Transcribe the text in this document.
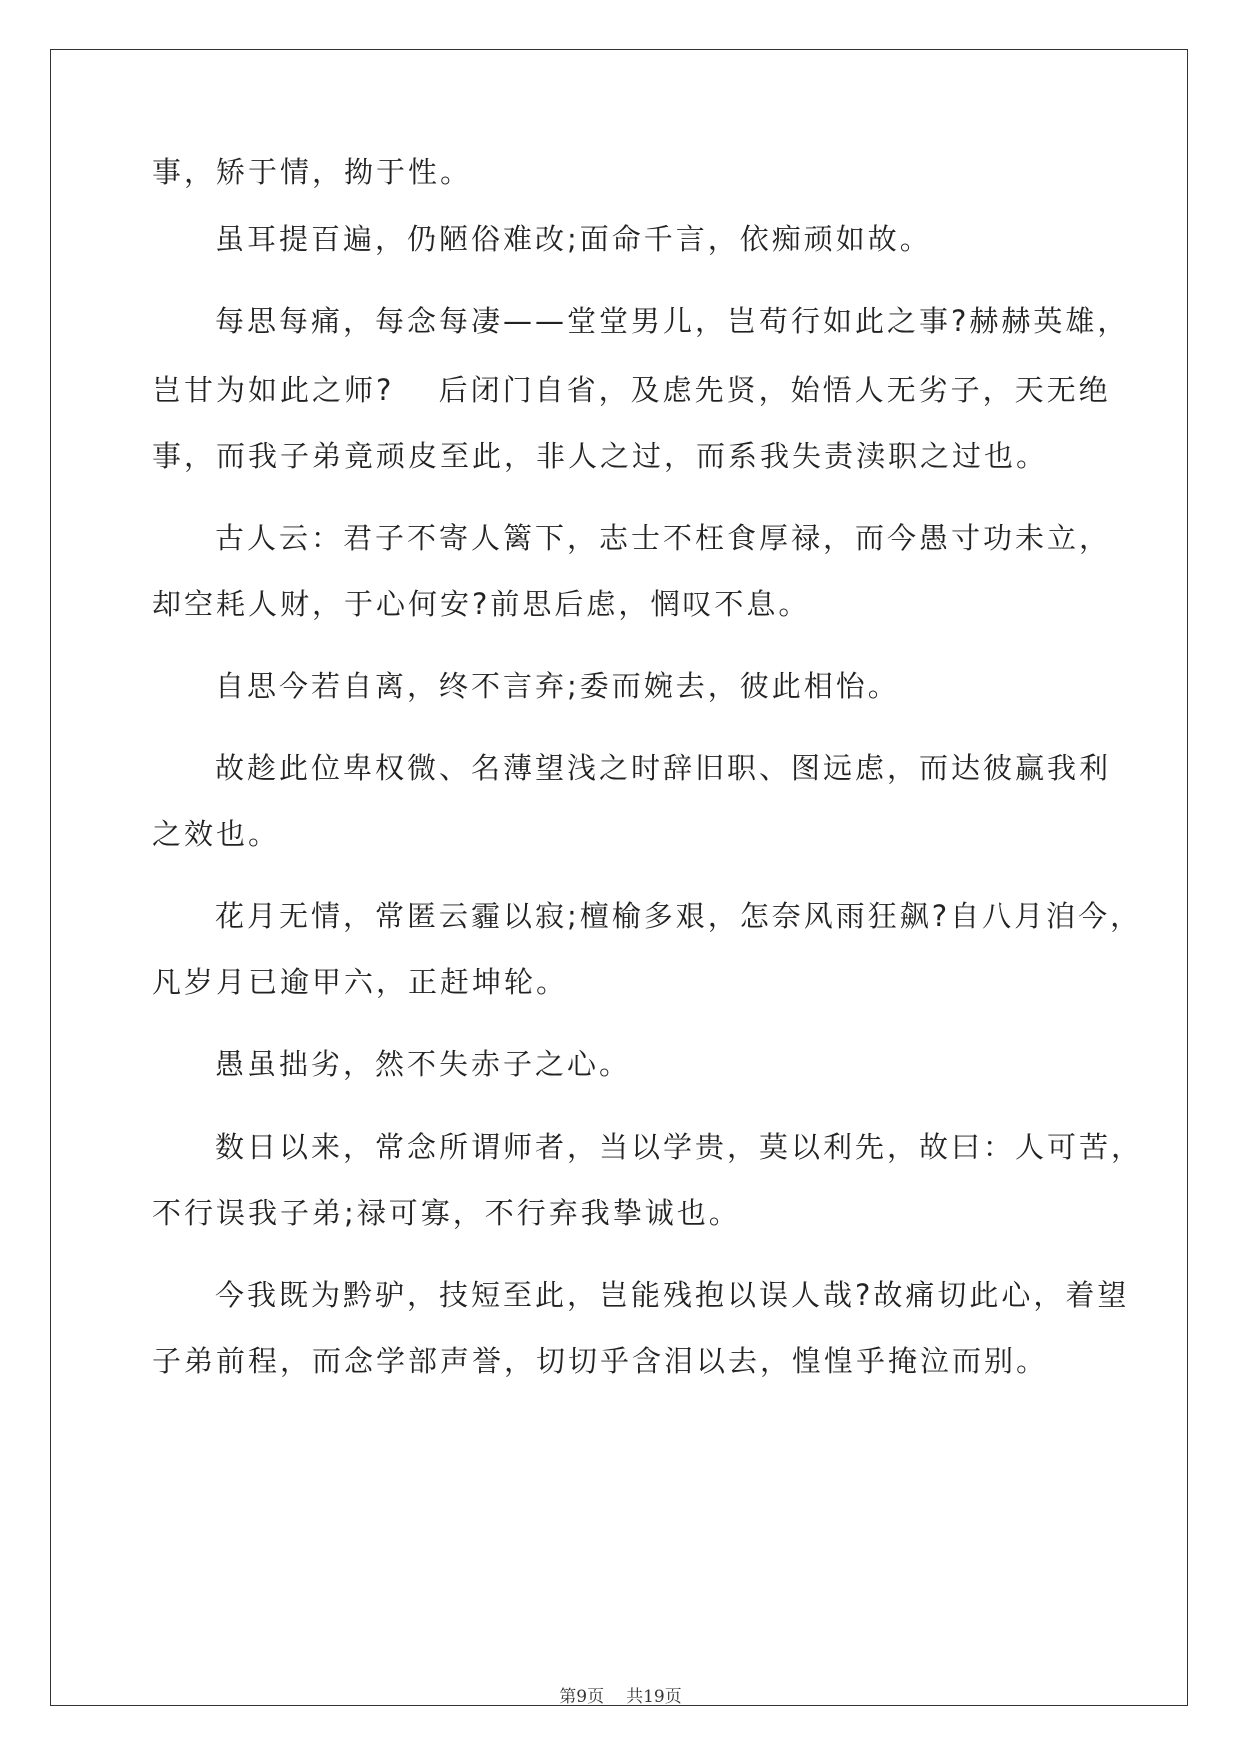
事，矫于情，拗于性。
虽耳提百遍，仍陋俗难改;面命千言，依痴顽如故。
每思每痛，每念每凄——堂堂男儿，岂苟行如此之事?赫赫英雄，
岂甘为如此之师?　 后闭门自省，及虑先贤，始悟人无劣子，天无绝
事，而我子弟竟顽皮至此，非人之过，而系我失责渎职之过也。
古人云：君子不寄人篱下，志士不枉食厚禄，而今愚寸功未立，
却空耗人财，于心何安?前思后虑，惘叹不息。
自思今若自离，终不言弃;委而婉去，彼此相怡。
故趁此位卑权微、名薄望浅之时辞旧职、图远虑，而达彼赢我利
之效也。
花月无情，常匿云霾以寂;檀榆多艰，怎奈风雨狂飙?自八月洎今，
凡岁月已逾甲六，正赶坤轮。
愚虽拙劣，然不失赤子之心。
数日以来，常念所谓师者，当以学贵，莫以利先，故曰：人可苦，
不行误我子弟;禄可寡，不行弃我挚诚也。
今我既为黔驴，技短至此，岂能残抱以误人哉?故痛切此心，着望
子弟前程，而念学部声誉，切切乎含泪以去，惶惶乎掩泣而别。
第9页 共19页
